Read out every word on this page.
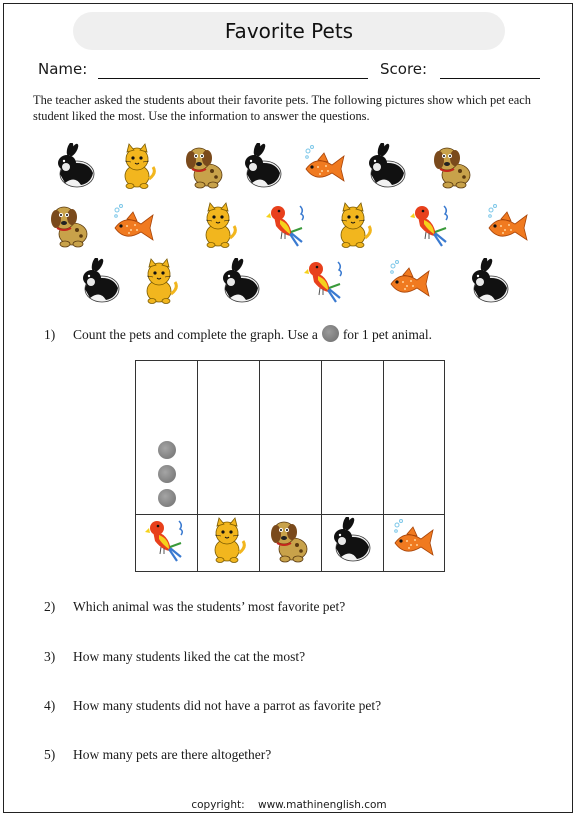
Favorite Pets
Name:	Score:
The teacher asked the students about their favorite pets. The following pictures show which pet each student liked the most. Use the information to answer the questions.
1) Count the pets and complete the graph. Use a for 1 pet animal.
2) Which animal was the students’ most favorite pet?
3) How many students liked the cat the most?
4) How many students did not have a parrot as favorite pet?
5) How many pets are there altogether?
copyright: www.mathinenglish.com
